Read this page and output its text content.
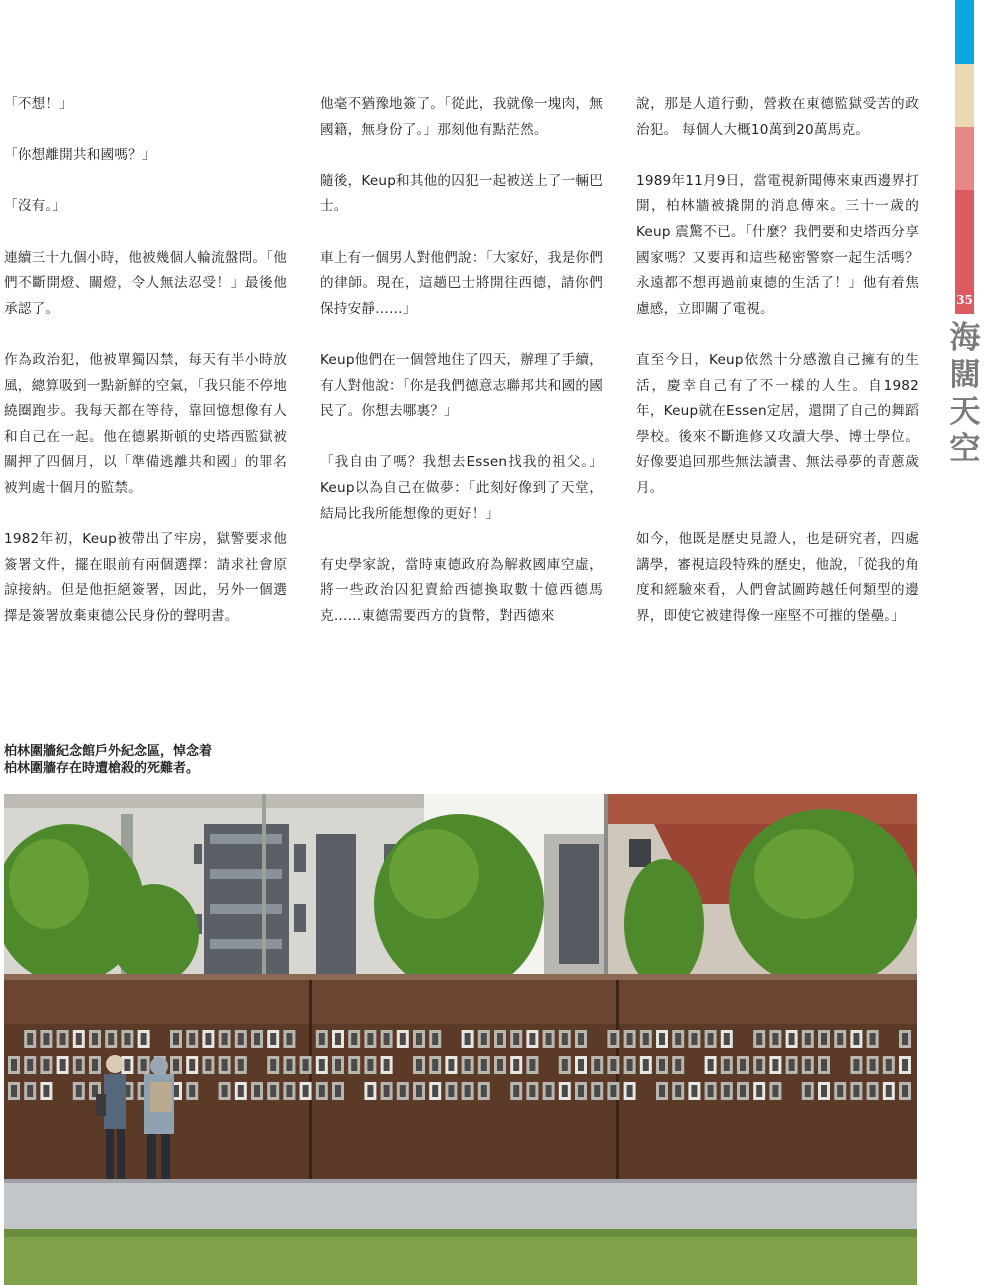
「不想！」

「你想離開共和國嗎？」

「沒有。」

連續三十九個小時，他被幾個人輪流盤問。「他們不斷開燈、關燈，令人無法忍受！」最後他承認了。

作為政治犯，他被單獨囚禁，每天有半小時放風，總算吸到一點新鮮的空氣，「我只能不停地繞圈跑步。我每天都在等待，靠回憶想像有人和自己在一起。他在德累斯頓的史塔西監獄被關押了四個月，以「準備逃離共和國」的罪名被判處十個月的監禁。

1982年初，Keup被帶出了牢房，獄警要求他簽署文件，擺在眼前有兩個選擇：請求社會原諒接納。但是他拒絕簽署，因此，另外一個選擇是簽署放棄東德公民身份的聲明書。

他毫不猶豫地簽了。「從此，我就像一塊肉，無國籍，無身份了。」那刻他有點茫然。

隨後，Keup和其他的囚犯一起被送上了一輛巴士。

車上有一個男人對他們說：「大家好，我是你們的律師。現在，這趟巴士將開往西德，請你們保持安靜……」

Keup他們在一個營地住了四天，辦理了手續，有人對他說：「你是我們德意志聯邦共和國的國民了。你想去哪裏？」

「我自由了嗎？我想去Essen找我的祖父。」Keup以為自己在做夢：「此刻好像到了天堂，結局比我所能想像的更好！」

有史學家說，當時東德政府為解救國庫空虛，將一些政治囚犯賣給西德換取數十億西德馬克……東德需要西方的貨幣，對西德來

說，那是人道行動，營救在東德監獄受苦的政治犯。 每個人大概10萬到20萬馬克。

1989年11月9日，當電視新聞傳來東西邊界打開，柏林牆被撬開的消息傳來。三十一歲的Keup 震驚不已。「什麼？我們要和史塔西分享國家嗎？又要再和這些秘密警察一起生活嗎？永遠都不想再過前東德的生活了！」他有着焦慮感，立即關了電視。

直至今日，Keup依然十分感激自己擁有的生活，慶幸自己有了不一樣的人生。自1982年，Keup就在Essen定居，還開了自己的舞蹈學校。後來不斷進修又攻讀大學、博士學位。好像要追回那些無法讀書、無法尋夢的青蔥歲月。

如今，他既是歷史見證人，也是研究者，四處講學，審視這段特殊的歷史，他說，「從我的角度和經驗來看，人們會試圖跨越任何類型的邊界，即使它被建得像一座堅不可摧的堡壘。」

35
海
闊
天
空
柏林圍牆紀念館戶外紀念區，悼念着
柏林圍牆存在時遭槍殺的死難者。
